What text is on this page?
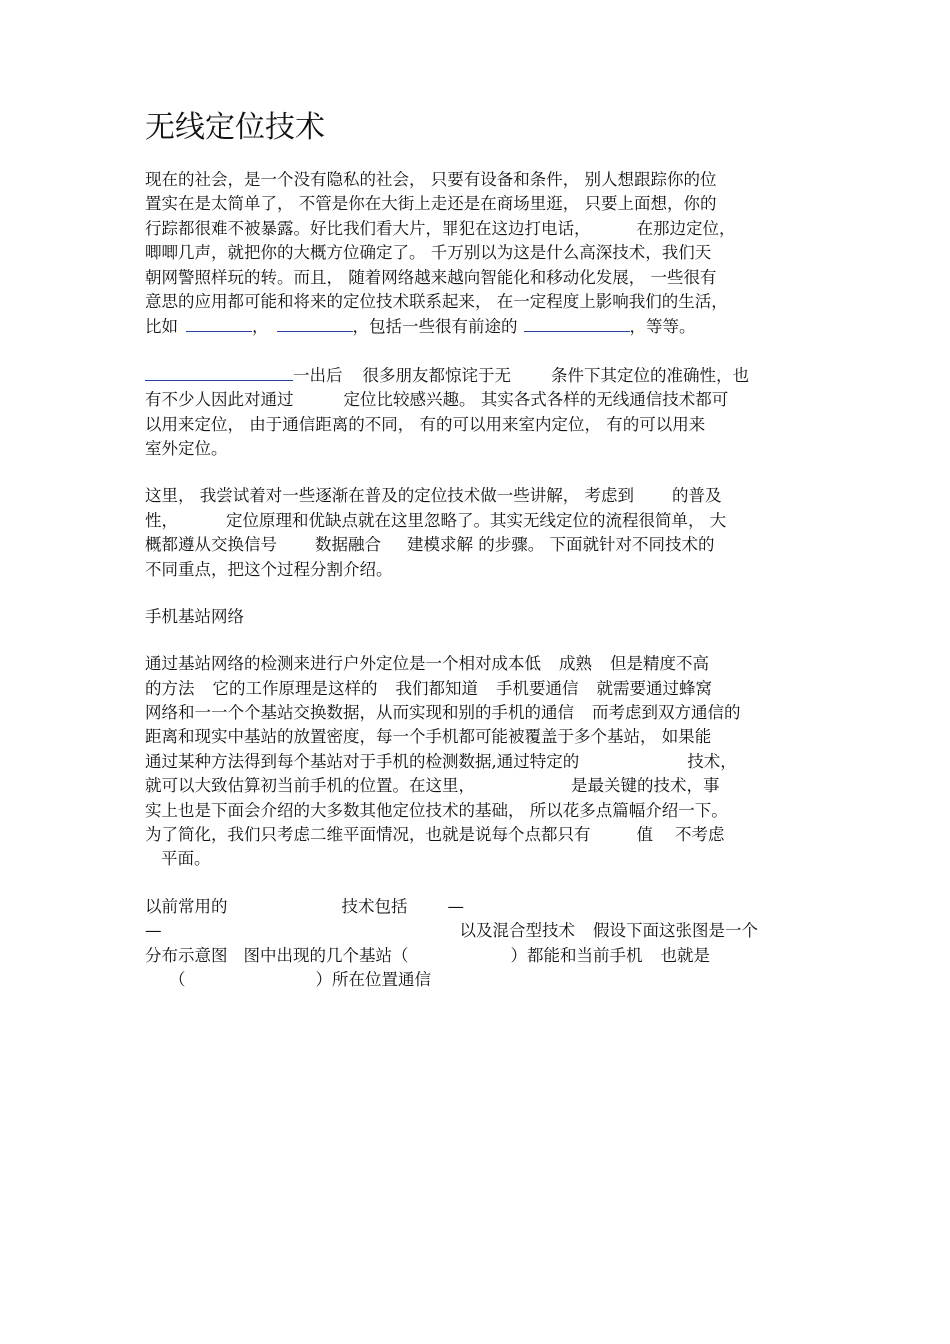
无线定位技术
现在的社会，是一个没有隐私的社会， 只要有设备和条件， 别人想跟踪你的位
置实在是太简单了， 不管是你在大街上走还是在商场里逛， 只要上面想，你的
行踪都很难不被暴露。好比我们看大片，罪犯在这边打电话，	在那边定位，
唧唧几声，就把你的大概方位确定了。 千万别以为这是什么高深技术，我们天
朝网警照样玩的转。而且， 随着网络越来越向智能化和移动化发展， 一些很有
意思的应用都可能和将来的定位技术联系起来， 在一定程度上影响我们的生活，
比如	，	，包括一些很有前途的	，等等。
一出后 很多朋友都惊诧于无 条件下其定位的准确性，也
有不少人因此对通过	定位比较感兴趣。 其实各式各样的无线通信技术都可
以用来定位， 由于通信距离的不同， 有的可以用来室内定位， 有的可以用来
室外定位。
这里， 我尝试着对一些逐渐在普及的定位技术做一些讲解， 考虑到 的普及
性，	定位原理和优缺点就在这里忽略了。其实无线定位的流程很简单， 大
概都遵从交换信号 数据融合 建模求解 的步骤。 下面就针对不同技术的
不同重点，把这个过程分割介绍。
手机基站网络
通过基站网络的检测来进行户外定位是一个相对成本低 成熟 但是精度不高
的方法 它的工作原理是这样的 我们都知道 手机要通信 就需要通过蜂窝
网络和一一个个基站交换数据，从而实现和别的手机的通信 而考虑到双方通信的
距离和现实中基站的放置密度，每一个手机都可能被覆盖于多个基站， 如果能
通过某种方法得到每个基站对于手机的检测数据,通过特定的	技术，
就可以大致估算初当前手机的位置。在这里，	是最关键的技术，事
实上也是下面会介绍的大多数其他定位技术的基础， 所以花多点篇幅介绍一下。
为了简化，我们只考虑二维平面情况，也就是说每个点都只有	值 不考虑
平面。
以前常用的	技术包括 —
—	以及混合型技术 假设下面这张图是一个
分布示意图 图中出现的几个基站（	）都能和当前手机 也就是
（	）所在位置通信
